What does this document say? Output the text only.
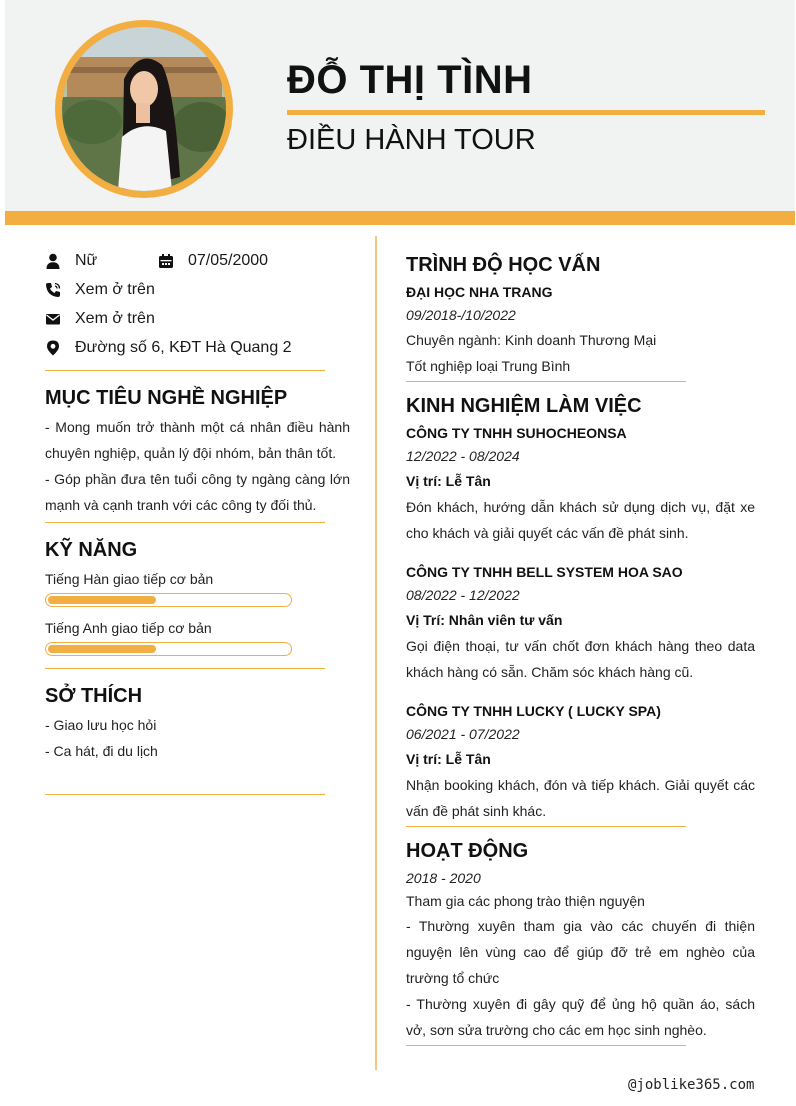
ĐỖ THỊ TÌNH
ĐIỀU HÀNH TOUR
Nữ	07/05/2000
Xem ở trên
Xem ở trên
Đường số 6, KĐT Hà Quang 2
MỤC TIÊU NGHỀ NGHIỆP
- Mong muốn trở thành một cá nhân điều hành chuyên nghiệp, quản lý đội nhóm, bản thân tốt.
- Góp phần đưa tên tuổi công ty ngàng càng lớn mạnh và cạnh tranh với các công ty đối thủ.
KỸ NĂNG
Tiếng Hàn giao tiếp cơ bản
Tiếng Anh giao tiếp cơ bản
SỞ THÍCH
- Giao lưu học hỏi
- Ca hát, đi du lịch
TRÌNH ĐỘ HỌC VẤN
ĐẠI HỌC NHA TRANG
09/2018-/10/2022
Chuyên ngành: Kinh doanh Thương Mại
Tốt nghiệp loại Trung Bình
KINH NGHIỆM LÀM VIỆC
CÔNG TY TNHH SUHOCHEONSA
12/2022 - 08/2024
Vị trí: Lễ Tân
Đón khách, hướng dẫn khách sử dụng dịch vụ, đặt xe cho khách và giải quyết các vấn đề phát sinh.
CÔNG TY TNHH BELL SYSTEM HOA SAO
08/2022 - 12/2022
Vị Trí: Nhân viên tư vấn
Gọi điện thoại, tư vấn chốt đơn khách hàng theo data khách hàng có sẵn. Chăm sóc khách hàng cũ.
CÔNG TY TNHH LUCKY ( LUCKY SPA)
06/2021 - 07/2022
Vị trí: Lễ Tân
Nhận booking khách, đón và tiếp khách. Giải quyết các vấn đề phát sinh khác.
HOẠT ĐỘNG
2018 - 2020
Tham gia các phong trào thiện nguyện
- Thường xuyên tham gia vào các chuyến đi thiện nguyện lên vùng cao để giúp đỡ trẻ em nghèo của trường tổ chức
- Thường xuyên đi gây quỹ để ủng hộ quần áo, sách vở, sơn sửa trường cho các em học sinh nghèo.
@joblike365.com
